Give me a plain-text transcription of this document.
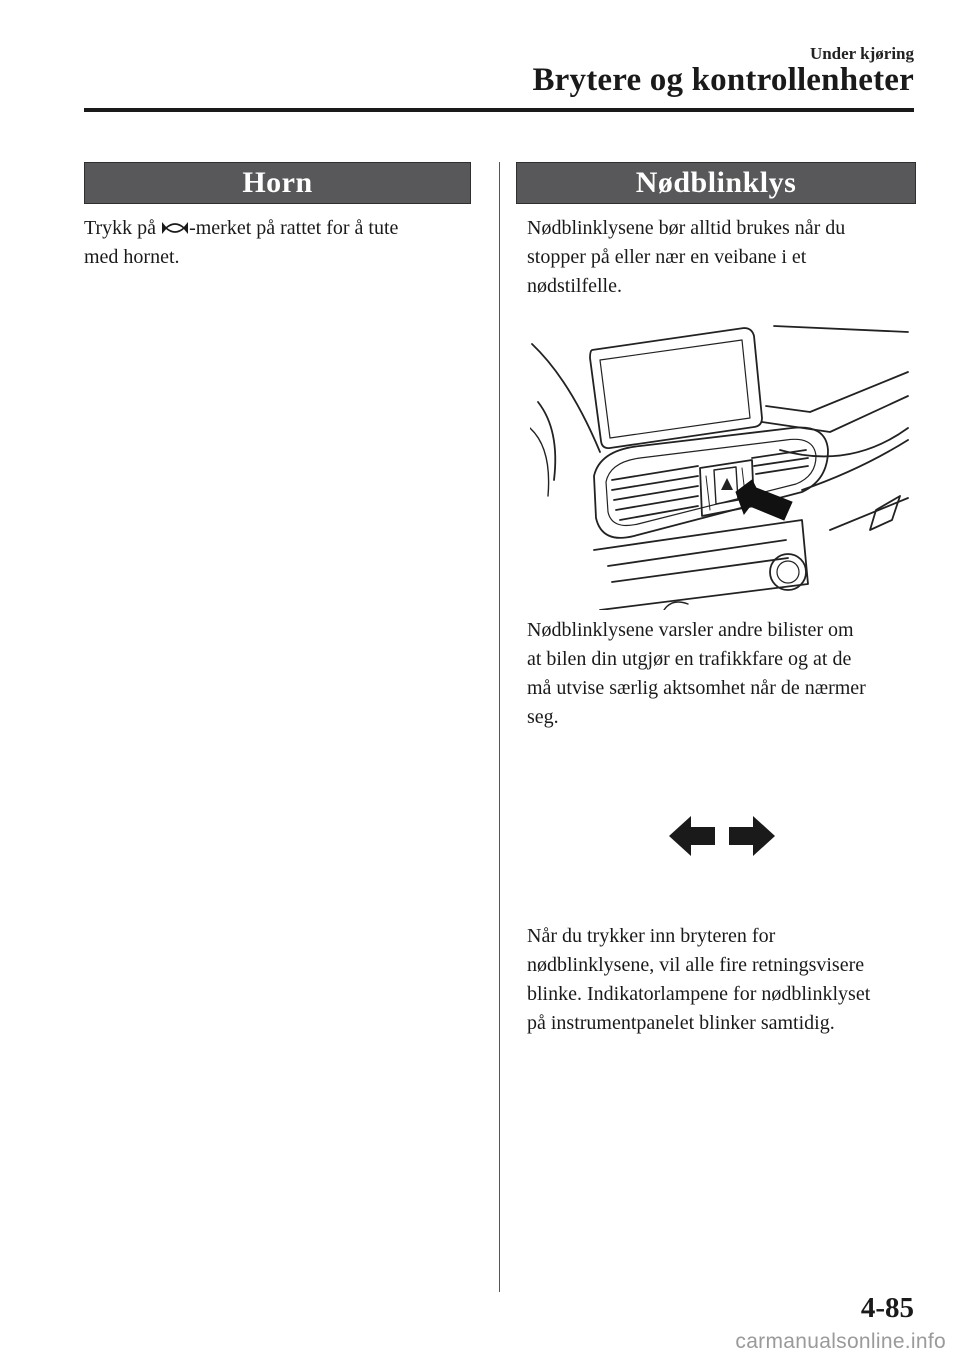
Under kjøring
Brytere og kontrollenheter
Horn

Trykk på -merket på rattet for å tute
med hornet.

Nødblinklys

Nødblinklysene bør alltid brukes når du
stopper på eller nær en veibane i et
nødstilfelle.

Nødblinklysene varsler andre bilister om
at bilen din utgjør en trafikkfare og at de
må utvise særlig aktsomhet når de nærmer
seg.

Når du trykker inn bryteren for
nødblinklysene, vil alle fire retningsvisere
blinke. Indikatorlampene for nødblinklyset
på instrumentpanelet blinker samtidig.

4-85
carmanualsonline.info
